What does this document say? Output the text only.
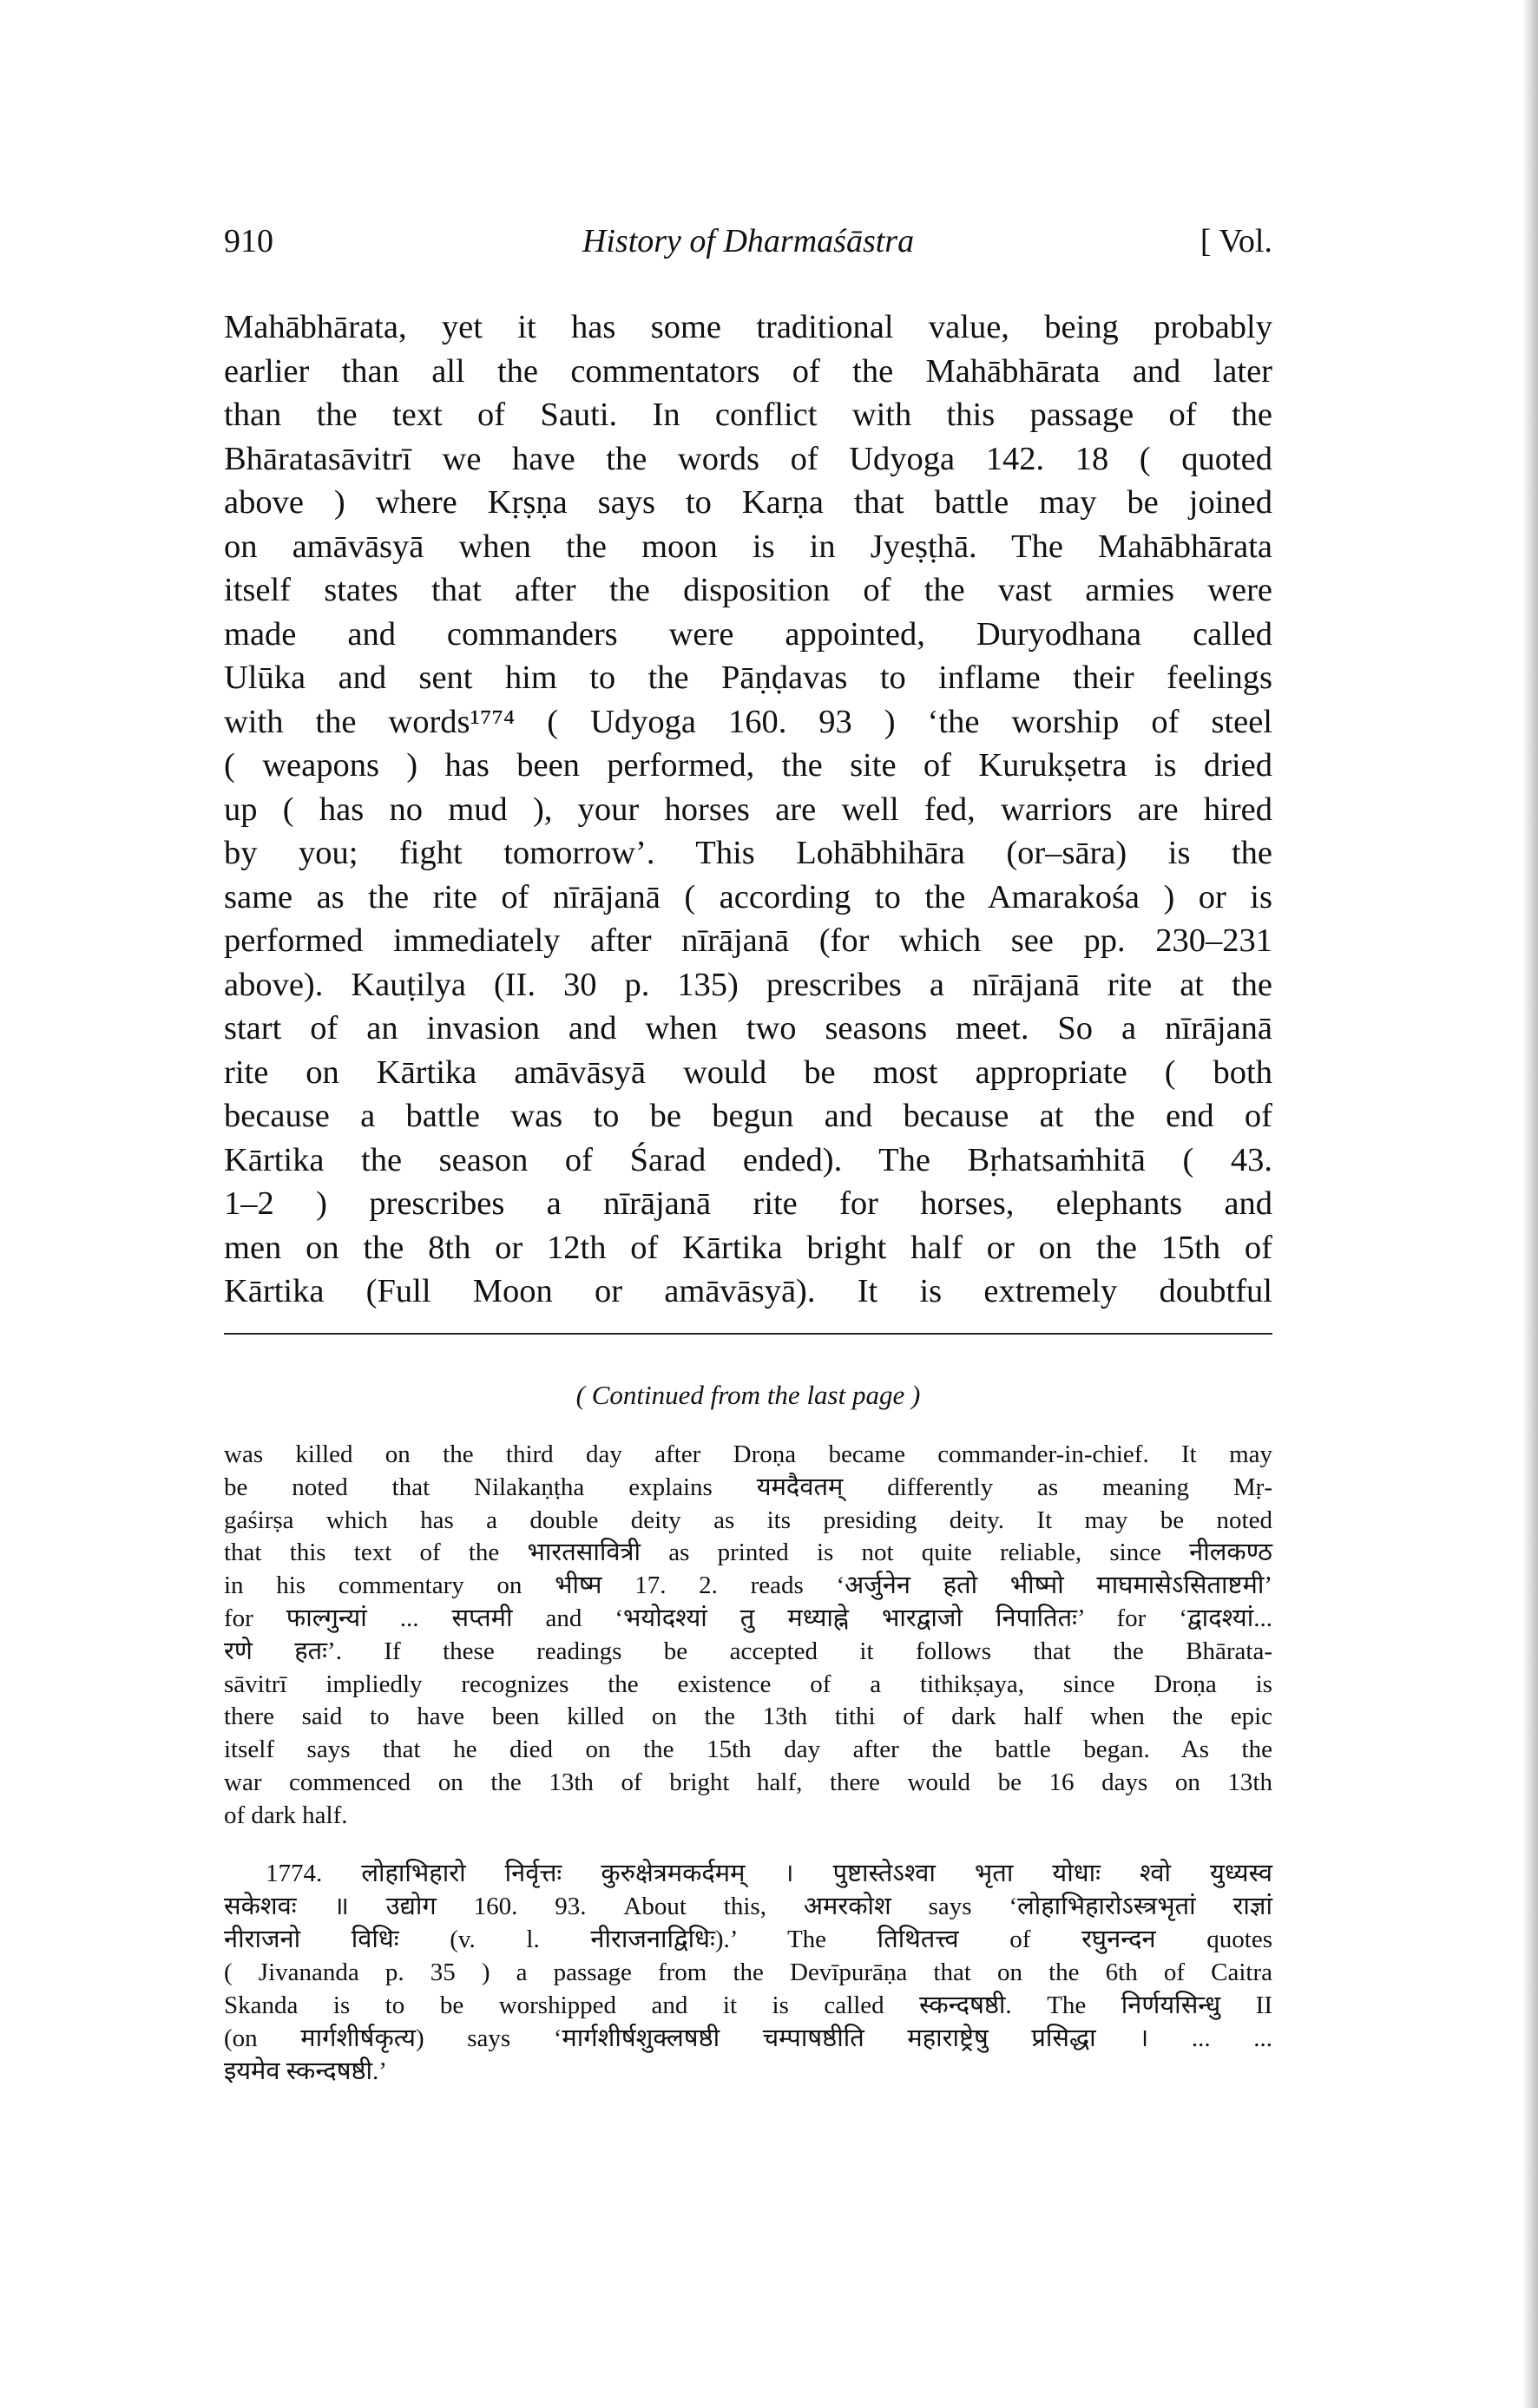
History of Dharmaśāstra
910	[ Vol.
Mahābhārata, yet it has some traditional value, being probably
earlier than all the commentators of the Mahābhārata and later
than the text of Sauti. In conflict with this passage of the
Bhāratasāvitrī we have the words of Udyoga 142. 18 ( quoted
above ) where Kṛṣṇa says to Karṇa that battle may be joined
on amāvāsyā when the moon is in Jyeṣṭhā. The Mahābhārata
itself states that after the disposition of the vast armies were
made and commanders were appointed, Duryodhana called
Ulūka and sent him to the Pāṇḍavas to inflame their feelings
with the words¹⁷⁷⁴ ( Udyoga 160. 93 ) ‘the worship of steel
( weapons ) has been performed, the site of Kurukṣetra is dried
up ( has no mud ), your horses are well fed, warriors are hired
by you; fight tomorrow’. This Lohābhihāra (or–sāra) is the
same as the rite of nīrājanā ( according to the Amarakośa ) or is
performed immediately after nīrājanā (for which see pp. 230–231
above). Kauṭilya (II. 30 p. 135) prescribes a nīrājanā rite at the
start of an invasion and when two seasons meet. So a nīrājanā
rite on Kārtika amāvāsyā would be most appropriate ( both
because a battle was to be begun and because at the end of
Kārtika the season of Śarad ended). The Bṛhatsaṁhitā ( 43.
1–2 ) prescribes a nīrājanā rite for horses, elephants and
men on the 8th or 12th of Kārtika bright half or on the 15th of
Kārtika (Full Moon or amāvāsyā). It is extremely doubtful
( Continued from the last page )
was killed on the third day after Droṇa became commander-in-chief. It may
be noted that Nilakaṇṭha explains यमदैवतम् differently as meaning Mṛ-
gaśirṣa which has a double deity as its presiding deity. It may be noted
that this text of the भारतसावित्री as printed is not quite reliable, since नीलकण्ठ
in his commentary on भीष्म 17. 2. reads ‘अर्जुनेन हतो भीष्मो माघमासेऽसिताष्टमी’
for फाल्गुन्यां ... सप्तमी and ‘भयोदश्यां तु मध्याह्ने भारद्वाजो निपातितः’ for ‘द्वादश्यां...
रणे हतः’. If these readings be accepted it follows that the Bhārata-
sāvitrī impliedly recognizes the existence of a tithikṣaya, since Droṇa is
there said to have been killed on the 13th tithi of dark half when the epic
itself says that he died on the 15th day after the battle began. As the
war commenced on the 13th of bright half, there would be 16 days on 13th
of dark half.
1774. लोहाभिहारो निर्वृत्तः कुरुक्षेत्रमकर्दमम् । पुष्टास्तेऽश्वा भृता योधाः श्वो युध्यस्व
सकेशवः ॥ उद्योग 160. 93. About this, अमरकोश says ‘लोहाभिहारोऽस्त्रभृतां राज्ञां
नीराजनो विधिः (v. l. नीराजनाद्विधिः).’ The तिथितत्त्व of रघुनन्दन quotes
( Jivananda p. 35 ) a passage from the Devīpurāṇa that on the 6th of Caitra
Skanda is to be worshipped and it is called स्कन्दषष्ठी. The निर्णयसिन्धु II
(on मार्गशीर्षकृत्य) says ‘मार्गशीर्षशुक्लषष्ठी चम्पाषष्ठीति महाराष्ट्रेषु प्रसिद्धा । ... ...
इयमेव स्कन्दषष्ठी.’
